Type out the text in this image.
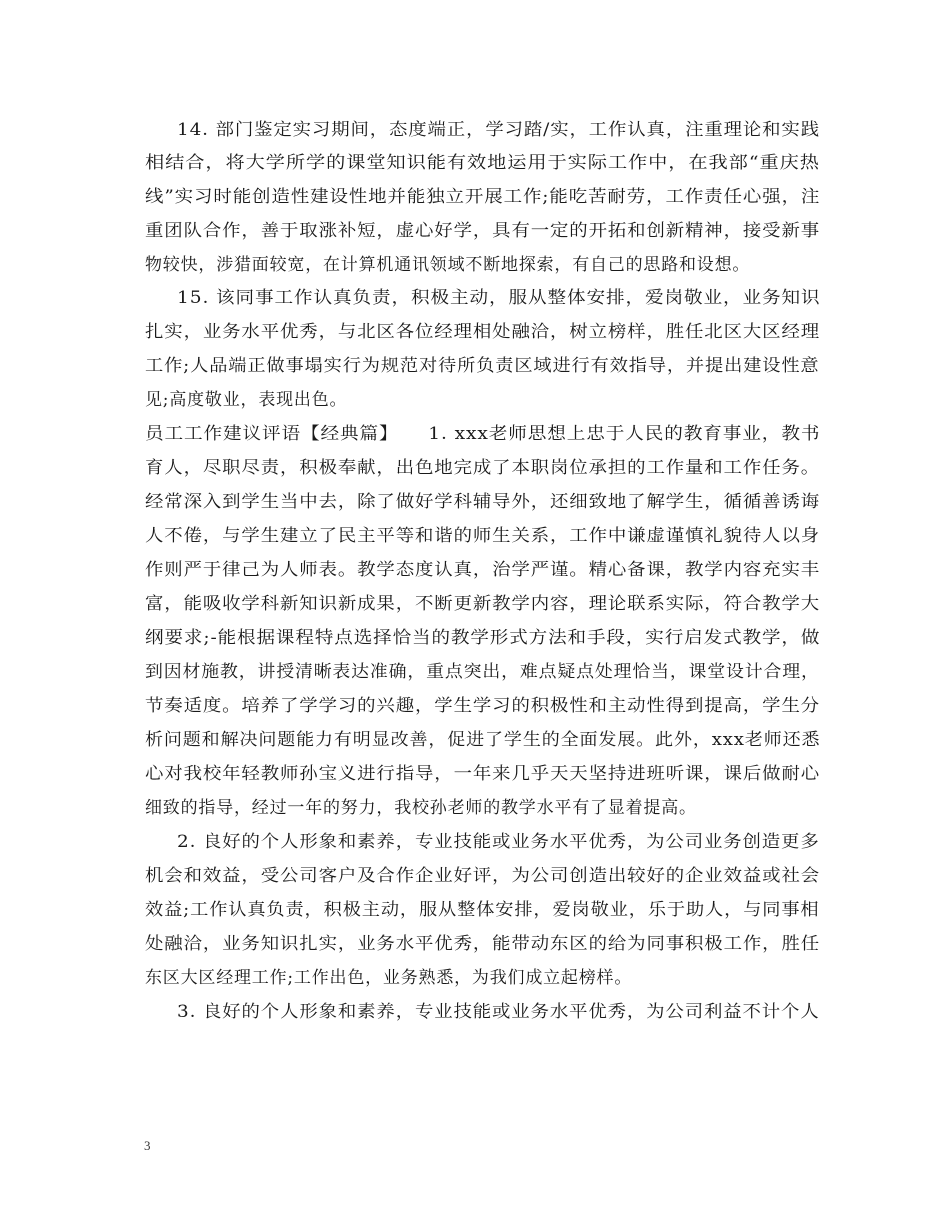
14. 部门鉴定实习期间，态度端正，学习踏/实，工作认真，注重理论和实践
相结合，将大学所学的课堂知识能有效地运用于实际工作中，在我部“重庆热
线”实习时能创造性建设性地并能独立开展工作;能吃苦耐劳，工作责任心强，注
重团队合作，善于取涨补短，虚心好学，具有一定的开拓和创新精神，接受新事
物较快，涉猎面较宽，在计算机通讯领域不断地探索，有自己的思路和设想。
15. 该同事工作认真负责，积极主动，服从整体安排，爱岗敬业，业务知识
扎实，业务水平优秀，与北区各位经理相处融洽，树立榜样，胜任北区大区经理
工作;人品端正做事塌实行为规范对待所负责区域进行有效指导，并提出建设性意
见;高度敬业，表现出色。
员工工作建议评语【经典篇】　　1. xxx老师思想上忠于人民的教育事业，教书
育人，尽职尽责，积极奉献，出色地完成了本职岗位承担的工作量和工作任务。
经常深入到学生当中去，除了做好学科辅导外，还细致地了解学生，循循善诱诲
人不倦，与学生建立了民主平等和谐的师生关系，工作中谦虚谨慎礼貌待人以身
作则严于律己为人师表。教学态度认真，治学严谨。精心备课，教学内容充实丰
富，能吸收学科新知识新成果，不断更新教学内容，理论联系实际，符合教学大
纲要求;-能根据课程特点选择恰当的教学形式方法和手段，实行启发式教学，做
到因材施教，讲授清晰表达准确，重点突出，难点疑点处理恰当，课堂设计合理，
节奏适度。培养了学学习的兴趣，学生学习的积极性和主动性得到提高，学生分
析问题和解决问题能力有明显改善，促进了学生的全面发展。此外，xxx老师还悉
心对我校年轻教师孙宝义进行指导，一年来几乎天天坚持进班听课，课后做耐心
细致的指导，经过一年的努力，我校孙老师的教学水平有了显着提高。
2. 良好的个人形象和素养，专业技能或业务水平优秀，为公司业务创造更多
机会和效益，受公司客户及合作企业好评，为公司创造出较好的企业效益或社会
效益;工作认真负责，积极主动，服从整体安排，爱岗敬业，乐于助人，与同事相
处融洽，业务知识扎实，业务水平优秀，能带动东区的给为同事积极工作，胜任
东区大区经理工作;工作出色，业务熟悉，为我们成立起榜样。
3. 良好的个人形象和素养，专业技能或业务水平优秀，为公司利益不计个人
3
